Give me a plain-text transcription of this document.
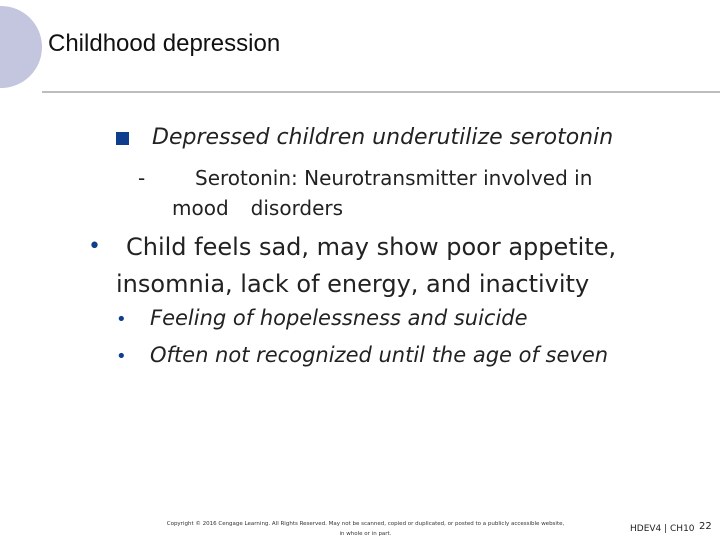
Childhood depression
Depressed children underutilize serotonin
- Serotonin: Neurotransmitter involved in
mood disorders
•	Child feels sad, may show poor appetite,
insomnia, lack of energy, and inactivity
• Feeling of hopelessness and suicide
• Often not recognized until the age of seven
Copyright © 2016 Cengage Learning. All Rights Reserved. May not be scanned, copied or duplicated, or posted to a publicly accessible website,
in whole or in part.	HDEV4 | CH10 22
